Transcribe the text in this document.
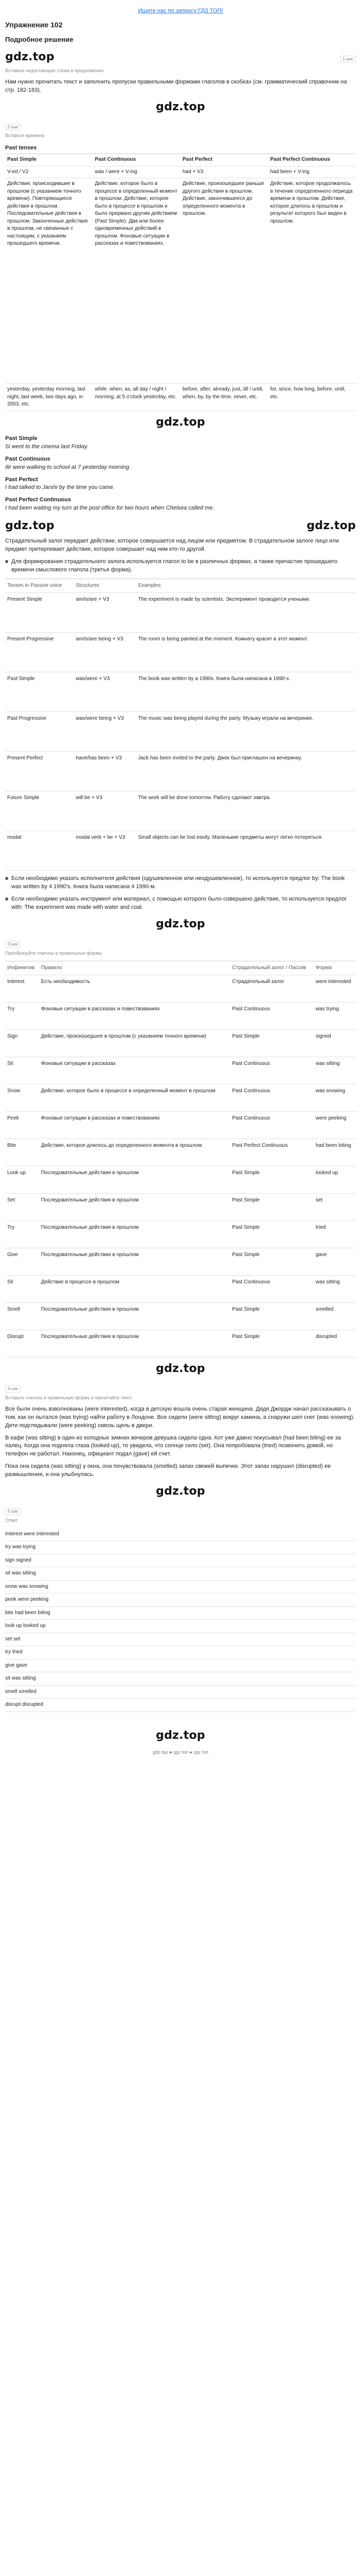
Ищите нас по запросу ГДЗ ТОП!
Упражнение 102
Подробное решение
gdz.top	1 шаг
Вставьте недостающие слова в предложения

Нам нужно прочитать текст и заполнить пропуски правильными формами глаголов в скобках (см. грамматический справочник на стр. 182-183).

gdz.top
2 шаг
Вставьте времена
Past tenses
Past Simple	Past Continuous	Past Perfect	Past Perfect Continuous
V-ed / V2	was / were + V-ing	had + V3	had been + V-ing
Действия, происходившие в прошлом (с указанием точного времени). Повторяющиеся действия в прошлом. Последовательные действия в прошлом. Законченные действия в прошлом, не связанные с настоящим, с указанием прошедшего времени.
Действие, которое было в процессе в определенный момент в прошлом. Действие, которое было в процессе в прошлом и было прервано другим действием (Past Simple). Два или более одновременных действий в прошлом. Фоновые ситуации в рассказах и повествованиях.
Действие, произошедшее раньше другого действия в прошлом. Действие, закончившееся до определенного момента в прошлом.
Действие, которое продолжалось в течение определенного периода времени в прошлом. Действие, которое длилось в прошлом и результат которого был виден в прошлом.
yesterday, yesterday morning, last night, last week, two days ago, in 2003, etc.
while, when, as, all day / night / morning, at 5 o'clock yesterday, etc.
before, after, already, just, till / until, when, by, by the time, never, etc.
for, since, how long, before, until, etc.
gdz.top
Past Simple
Si went to the cinema last Friday.
Past Continuous
Ilir were walking to school at 7 yesterday morning.
Past Perfect
I had talked to Jarshi by the time you came.
Past Perfect Continuous
I had been waiting my turn at the post office for two hours when Chelsea called me.
gdz.top	gdz.top

Страдательный залог передает действие, которое совершается над лицом или предметом. В страдательном залоге лицо или предмет претерпевает действие, которое совершает над ним кто-то другой.

Для формирования страдательного залога используется глагол to be в различных формах, а также причастие прошедшего времени смыслового глагола (третья форма).
Tenses in Passive voice	Structures	Examples
Present Simple	am/is/are + V3	The experiment is made by scientists. Эксперимент проводится учеными.
Present Progressive	am/is/are being + V3	The room is being painted at the moment. Комнату красят в этот момент.
Past Simple	was/were + V3	The book was written by a 1990s. Книга была написана в 1990-х.
Past Progressive	was/were being + V3	The music was being played during the party. Музыку играли на вечеринке.
Present Perfect	have/has been + V3	Jack has been invited to the party. Джек был приглашен на вечеринку.
Future Simple	will be + V3	The work will be done tomorrow. Работу сделают завтра.
modal	modal verb + be + V3	Small objects can be lost easily. Маленькие предметы могут легко потеряться.
Если необходимо указать исполнителя действия (одушевленное или неодушевленное), то используется предлог by: The book was written by 4 1990's. Книга была написана 4 1990-м.
Если необходимо указать инструмент или материал, с помощью которого было совершено действие, то используется предлог with: The experiment was made with water and coal.
gdz.top
3 шаг
Преобразуйте глаголы в правильные формы
Инфинитив	Правило	Страдательный залог / Пассив	Форма
Interest	Есть необходимость	Страдательный залог	were interested
Try	Фоновые ситуации в рассказах и повествованиях	Past Continuous	was trying
Sign	Действие, произошедшее в прошлом (с указанием точного времени)	Past Simple	signed
Sit	Фоновые ситуации в рассказах	Past Continuous	was sitting
Snow	Действие, которое было в процессе в определенный момент в прошлом	Past Continuous	was snowing
Peek	Фоновые ситуации в рассказах и повествованиях	Past Continuous	were peeking
Bite	Действие, которое длилось до определенного момента в прошлом	Past Perfect Continuous	had been biting
Look up	Последовательные действия в прошлом	Past Simple	looked up
Set	Последовательные действия в прошлом	Past Simple	set
Try	Последовательные действия в прошлом	Past Simple	tried
Give	Последовательные действия в прошлом	Past Simple	gave
Sit	Действие в процессе в прошлом	Past Continuous	was sitting
Smell	Последовательные действия в прошлом	Past Simple	smelled
Disrupt	Последовательные действия в прошлом	Past Simple	disrupted
gdz.top
4 шаг
Вставьте глаголы в правильную форму и прочитайте текст

Все были очень взволнованы (were interested), когда в детскую вошла очень старая женщина. Дядя Джордж начал рассказывать о том, как он пытался (was trying) найти работу в Лондоне. Все сидели (were sitting) вокруг камина, а снаружи шел снег (was snowing). Дети подглядывали (were peeking) сквозь щель в двери.

В кафе (was sitting) в один из холодных зимних вечеров девушка сидела одна. Кот уже давно покусывал (had been biting) ее за палец. Когда она подняла глаза (looked up), то увидела, что солнце село (set). Она попробовала (tried) позвонить домой, но телефон не работал. Наконец, официант подал (gave) ей счет.

Пока она сидела (was sitting) у окна, она почувствовала (smelled) запах свежей выпечки. Этот запах нарушил (disrupted) ее размышления, и она улыбнулась.

gdz.top
5 шаг
Ответ
Interest were interested
try was trying
sign signed
sit was sitting
snow was snowing
peek were peeking
bite had been biting
look up looked up
set set
try tried
give gave
sit was sitting
smell smelled
disrupt disrupted
gdz.top
gdz.top ● гдз топ ● гдз топ
